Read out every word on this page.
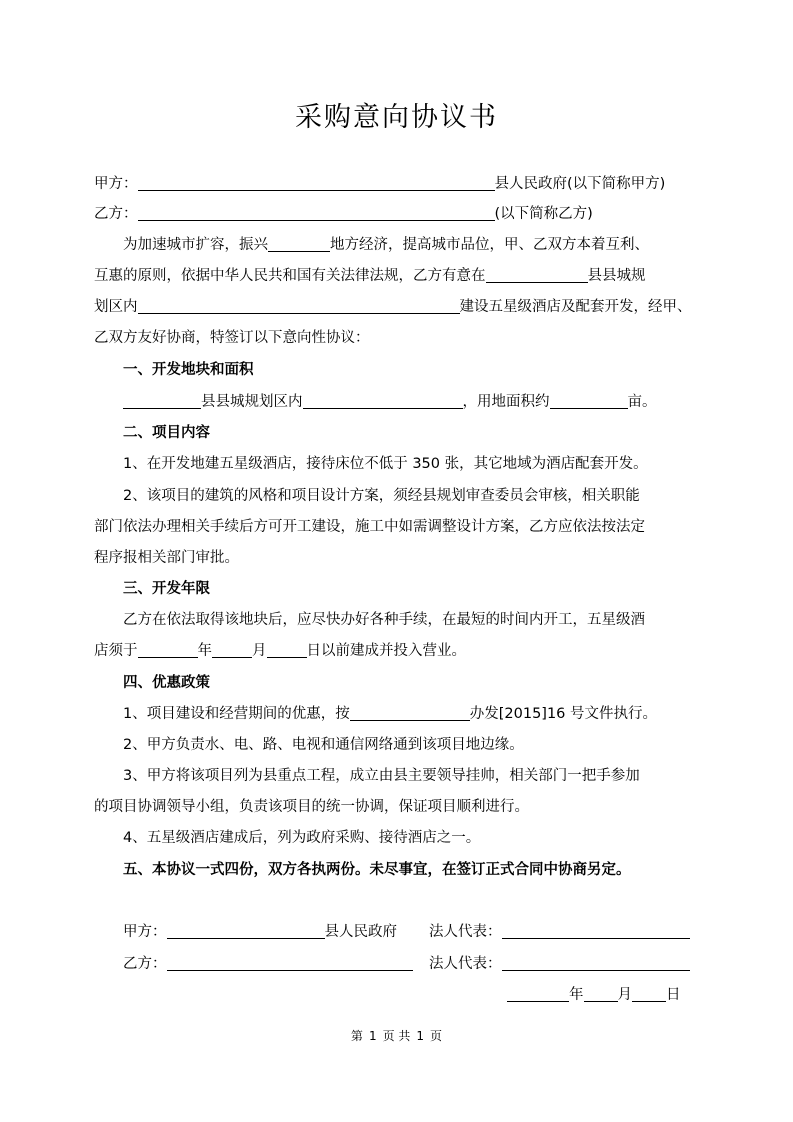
采购意向协议书
甲方：	县人民政府(以下简称甲方)
乙方：	(以下简称乙方)
为加速城市扩容，振兴	地方经济，提高城市品位，甲、乙双方本着互利、
互惠的原则，依据中华人民共和国有关法律法规，乙方有意在	县县城规
划区内	建设五星级酒店及配套开发，经甲、
乙双方友好协商，特签订以下意向性协议：
一、开发地块和面积
县县城规划区内	，用地面积约	亩。
二、项目内容
1、在开发地建五星级酒店，接待床位不低于 350 张，其它地域为酒店配套开发。
2、该项目的建筑的风格和项目设计方案，须经县规划审查委员会审核，相关职能
部门依法办理相关手续后方可开工建设，施工中如需调整设计方案，乙方应依法按法定
程序报相关部门审批。
三、开发年限
乙方在依法取得该地块后，应尽快办好各种手续，在最短的时间内开工，五星级酒
店须于	年	月	日以前建成并投入营业。
四、优惠政策
1、项目建设和经营期间的优惠，按	办发[2015]16 号文件执行。
2、甲方负责水、电、路、电视和通信网络通到该项目地边缘。
3、甲方将该项目列为县重点工程，成立由县主要领导挂帅，相关部门一把手参加
的项目协调领导小组，负责该项目的统一协调，保证项目顺利进行。
4、五星级酒店建成后，列为政府采购、接待酒店之一。
五、本协议一式四份，双方各执两份。未尽事宜，在签订正式合同中协商另定。
甲方：	县人民政府 法人代表：
乙方：	法人代表：
年 月 日
第 1 页 共 1 页
